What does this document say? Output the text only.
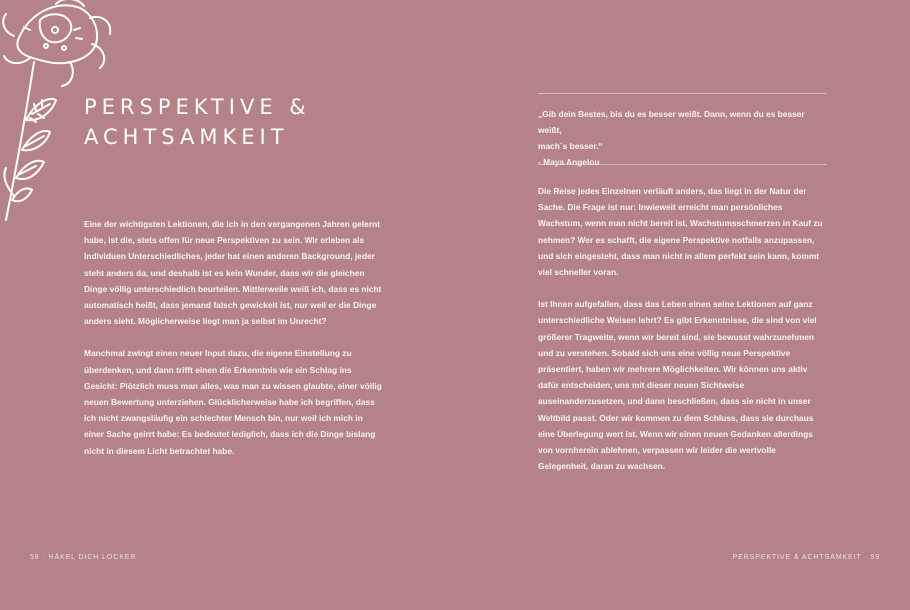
PERSPEKTIVE &
ACHTSAMKEIT

Eine der wichtigsten Lektionen, die ich in den vergangenen Jahren gelernt habe, ist die, stets offen für neue Perspektiven zu sein. Wir erleben als Individuen Unterschiedliches, jeder hat einen anderen Background, jeder steht anders da, und deshalb ist es kein Wunder, dass wir die gleichen Dinge völlig unterschiedlich beurteilen. Mittlerweile weiß ich, dass es nicht automatisch heißt, dass jemand falsch gewickelt ist, nur weil er die Dinge anders sieht. Möglicherweise liegt man ja selbst im Unrecht?

Manchmal zwingt einen neuer Input dazu, die eigene Einstellung zu überdenken, und dann trifft einen die Erkenntnis wie ein Schlag ins Gesicht: Plötzlich muss man alles, was man zu wissen glaubte, einer völlig neuen Bewertung unterziehen. Glücklicherweise habe ich begriffen, dass ich nicht zwangsläufig ein schlechter Mensch bin, nur weil ich mich in einer Sache geirrt habe: Es bedeutet lediglich, dass ich die Dinge bislang nicht in diesem Licht betrachtet habe.

„Gib dein Bestes, bis du es besser weißt. Dann, wenn du es besser weißt,
mach´s besser.“
- Maya Angelou

Die Reise jedes Einzelnen verläuft anders, das liegt in der Natur der Sache. Die Frage ist nur: Inwieweit erreicht man persönliches Wachstum, wenn man nicht bereit ist, Wachstumsschmerzen in Kauf zu nehmen? Wer es schafft, die eigene Perspektive notfalls anzupassen, und sich eingesteht, dass man nicht in allem perfekt sein kann, kommt viel schneller voran.

Ist Ihnen aufgefallen, dass das Leben einen seine Lektionen auf ganz unterschiedliche Weisen lehrt? Es gibt Erkenntnisse, die sind von viel größerer Tragweite, wenn wir bereit sind, sie bewusst wahrzunehmen und zu verstehen. Sobald sich uns eine völlig neue Perspektive präsentiert, haben wir mehrere Möglichkeiten. Wir können uns aktiv dafür entscheiden, uns mit dieser neuen Sichtweise auseinanderzusetzen, und dann beschließen, dass sie nicht in unser Weltbild passt. Oder wir kommen zu dem Schluss, dass sie durchaus eine Überlegung wert ist. Wenn wir einen neuen Gedanken allerdings von vornherein ablehnen, verpassen wir leider die wertvolle Gelegenheit, daran zu wachsen.

58 · HÄKEL DICH LOCKER	PERSPEKTIVE & ACHTSAMKEIT · 59
